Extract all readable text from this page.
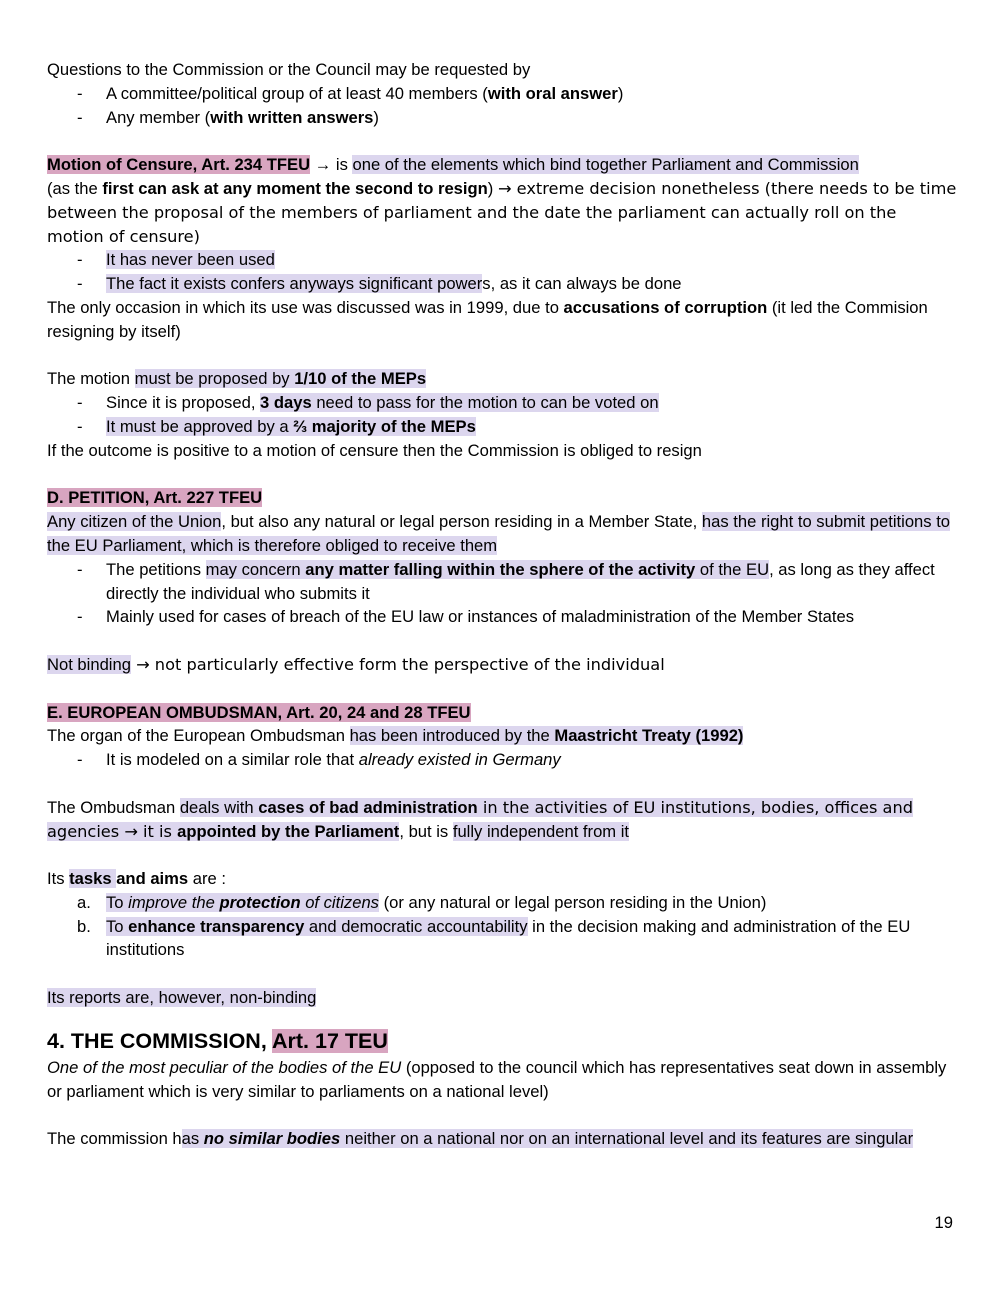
Questions to the Commission or the Council may be requested by

- A committee/political group of at least 40 members (with oral answer)
- Any member (with written answers)

Motion of Censure, Art. 234 TFEU → is one of the elements which bind together Parliament and Commission
(as the first can ask at any moment the second to resign) → extreme decision nonetheless (there needs to be time between the proposal of the members of parliament and the date the parliament can actually roll on the motion of censure)

- It has never been used
- The fact it exists confers anyways significant powers, as it can always be done

The only occasion in which its use was discussed was in 1999, due to accusations of corruption (it led the Commision resigning by itself)

The motion must be proposed by 1/10 of the MEPs

- Since it is proposed, 3 days need to pass for the motion to can be voted on
- It must be approved by a ⅔ majority of the MEPs

If the outcome is positive to a motion of censure then the Commission is obliged to resign

D. PETITION, Art. 227 TFEU

Any citizen of the Union, but also any natural or legal person residing in a Member State, has the right to submit petitions to the EU Parliament, which is therefore obliged to receive them

- The petitions may concern any matter falling within the sphere of the activity of the EU, as long as they affect directly the individual who submits it
- Mainly used for cases of breach of the EU law or instances of maladministration of the Member States

Not binding → not particularly effective form the perspective of the individual

E. EUROPEAN OMBUDSMAN, Art. 20, 24 and 28 TFEU

The organ of the European Ombudsman has been introduced by the Maastricht Treaty (1992)

- It is modeled on a similar role that already existed in Germany

The Ombudsman deals with cases of bad administration in the activities of EU institutions, bodies, offices and agencies → it is appointed by the Parliament, but is fully independent from it

Its tasks and aims are :

a. To improve the protection of citizens (or any natural or legal person residing in the Union)
b. To enhance transparency and democratic accountability in the decision making and administration of the EU institutions

Its reports are, however, non-binding

4. THE COMMISSION, Art. 17 TEU

One of the most peculiar of the bodies of the EU (opposed to the council which has representatives seat down in assembly or parliament which is very similar to parliaments on a national level)

The commission has no similar bodies neither on a national nor on an international level and its features are singular

19
